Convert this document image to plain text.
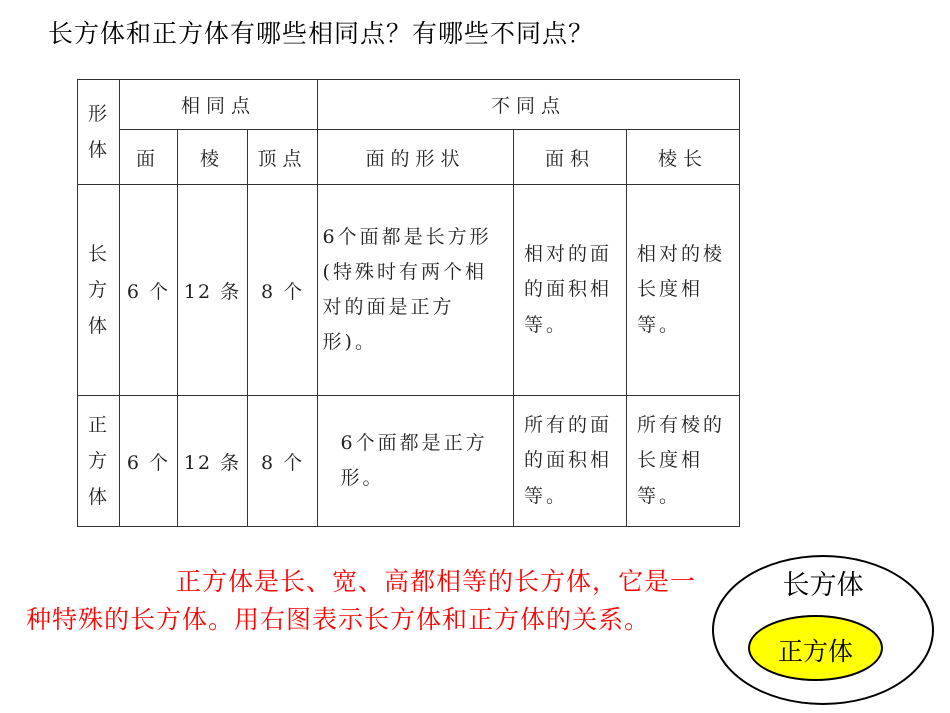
长方体和正方体有哪些相同点？有哪些不同点？
形体	相同点			不同点		
	面	棱	顶点	面的形状	面积	棱长
长方体	6 个	12 条	8 个	6个面都是长方形(特殊时有两个相对的面是正方形)。	相对的面的面积相等。	相对的棱长度相等。
正方体	6 个	12 条	8 个	6个面都是正方形。	所有的面的面积相等。	所有棱的长度相等。
正方体是长、宽、高都相等的长方体，它是一种特殊的长方体。用右图表示长方体和正方体的关系。
长方体
正方体
